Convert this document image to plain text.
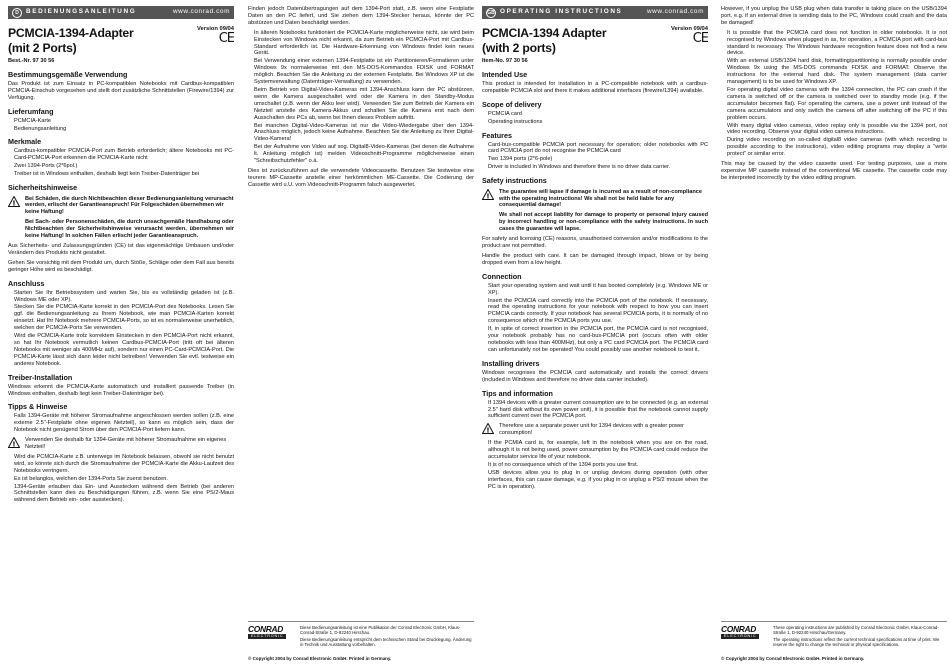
D	BEDIENUNGSANLEITUNG	www.conrad.com
PCMCIA-1394-Adapter
(mit 2 Ports)
Version 09/04
CE
Best.-Nr. 97 30 56
Bestimmungsgemäße Verwendung

Das Produkt ist zum Einsatz in PC-kompatiblen Notebooks mit Cardbus-kompatiblen PCMCIA-Einschub vorgesehen und stellt dort zusätzliche Schnittstellen (Firewire/1394) zur Verfügung.

Lieferumfang
• PCMCIA-Karte
• Bedienungsanleitung
Merkmale
• Cardbus-kompatibler PCMCIA-Port zum Betrieb erforderlich; ältere Notebooks mit PC-Card-PCMCIA-Port erkennen die PCMCIA-Karte nicht
• Zwei 1394-Ports (2*6pol.)
• Treiber ist in Windows enthalten, deshalb liegt kein Treiber-Datenträger bei
Sicherheitshinweise
!
Bei Schäden, die durch Nichtbeachten dieser Bedienungsanleitung verursacht werden, erlischt der Garantieanspruch! Für Folgeschäden übernehmen wir keine Haftung!

Bei Sach- oder Personenschäden, die durch unsachgemäße Handhabung oder Nichtbeachten der Sicherheitshinweise verursacht werden, übernehmen wir keine Haftung! In solchen Fällen erlischt jeder Garantieanspruch.

Aus Sicherheits- und Zulassungsgründen (CE) ist das eigenmächtige Umbauen und/oder Verändern des Produkts nicht gestattet.

Gehen Sie vorsichtig mit dem Produkt um, durch Stöße, Schläge oder dem Fall aus bereits geringer Höhe wird es beschädigt.

Anschluss
• Starten Sie Ihr Betriebssystem und warten Sie, bis es vollständig geladen ist (z.B. Windows ME oder XP).
• Stecken Sie die PCMCIA-Karte korrekt in den PCMCIA-Port des Notebooks. Lesen Sie ggf. die Bedienungsanleitung zu Ihrem Notebook, wie man PCMCIA-Karten korrekt einsetzt. Hat Ihr Notebook mehrere PCMCIA-Ports, so ist es normalerweise unerheblich, welchen der PCMCIA-Ports Sie verwenden.
• Wird die PCMCIA-Karte trotz korrektem Einstecken in den PCMCIA-Port nicht erkannt, so hat Ihr Notebook vermutlich keinen Cardbus-PCMCIA-Port (tritt oft bei älteren Notebooks mit weniger als 400MHz auf), sondern nur einen PC-Card-PCMCIA-Port. Die PCMCIA-Karte lässt sich dann leider nicht betreiben! Verwenden Sie evtl. testweise ein anderes Notebook.
Treiber-Installation

Windows erkennt die PCMCIA-Karte automatisch und installiert passende Treiber (in Windows enthalten, deshalb liegt kein Treiber-Datenträger bei).

Tipps & Hinweise
• Falls 1394-Geräte mit höherer Stromaufnahme angeschlossen werden sollen (z.B. eine externe 2.5"-Festplatte ohne eigenes Netzteil), so kann es möglich sein, dass der Notebook nicht genügend Strom über den PCMCIA-Port liefern kann.
!
Verwenden Sie deshalb für 1394-Geräte mit höherer Stromaufnahme ein eigenes Netzteil!
• Wird die PCMCIA-Karte z.B. unterwegs im Notebook belassen, obwohl sie nicht benutzt wird, so könnte sich durch die Stromaufnahme der PCMCIA-Karte die Akku-Laufzeit des Notebooks verringern.
• Es ist belanglos, welchen der 1394-Ports Sie zuerst benutzen.
• 1394-Geräte erlauben das Ein- und Ausstecken während dem Betrieb (bei anderen Schnittstellen kann dies zu Beschädigungen führen, z.B. wenn Sie eine PS/2-Maus während dem Betrieb ein- oder ausstecken).

Finden jedoch Datenübertragungen auf dem 1394-Port statt, z.B. wenn eine Festplatte Daten an den PC liefert, und Sie ziehen dem 1394-Stecker heraus, könnte der PC abstürzen und Daten beschädigt werden.

• In älteren Notebooks funktioniert die PCMCIA-Karte möglicherweise nicht, sie wird beim Einstecken von Windows nicht erkannt, da zum Betrieb ein PCMCIA-Port mit Cardbus-Standard erforderlich ist. Die Hardware-Erkennung von Windows findet kein neues Gerät.
• Bei Verwendung einer externen 1394-Festplatte ist ein Partitionieren/Formatieren unter Windows 9x normalerweise mit den MS-DOS-Kommandos FDISK und FORMAT möglich. Beachten Sie die Anleitung zu der externen Festplatte. Bei Windows XP ist die Systemverwaltung (Datenträger-Verwaltung) zu verwenden.
• Beim Betrieb von Digital-Video-Kameras mit 1394-Anschluss kann der PC abstürzen, wenn die Kamera ausgeschaltet wird oder die Kamera in den Standby-Modus umschaltet (z.B. wenn der Akku leer wird). Verwenden Sie zum Betrieb der Kamera ein Netzteil anstelle des Kamera-Akkus und schalten Sie die Kamera erst nach dem Ausschalten des PCs ab, wenn bei Ihnen dieses Problem auftritt.
• Bei manchen Digital-Video-Kameras ist nur die Video-Wiedergabe über den 1394-Anschluss möglich, jedoch keine Aufnahme. Beachten Sie die Anleitung zu Ihrer Digital-Video-Kamera!
• Bei der Aufnahme von Video auf sog. Digital8-Video-Kameras (bei denen die Aufnahme lt. Anleitung möglich ist) melden Videoschnitt-Programme möglicherweise einen "Schreibschutzfehler" o.ä.

Dies ist zurückzuführen auf die verwendete Videocassette. Benutzen Sie testweise eine teurere MP-Cassette anstelle einer herkömmlichen ME-Cassette. Die Codierung der Cassette wird u.U. vom Videoschnitt-Programm falsch ausgewertet.

CONRAD
ELECTRONIC
Diese Bedienungsanleitung ist eine Publikation der Conrad Electronic GmbH, Klaus-Conrad-Straße 1, D-92240 Hirschau.
Diese Bedienungsanleitung entspricht dem technischen Stand bei Drucklegung. Änderung in Technik und Ausstattung vorbehalten.
© Copyright 2004 by Conrad Electronic GmbH. Printed in Germany.
GB OPERATING INSTRUCTIONS	www.conrad.com
PCMCIA-1394 Adapter
(with 2 ports)
Version 09/04
CE
Item-No. 97 30 56
Intended Use

This product is intended for installation in a PC-compatible notebook with a cardbus-compatible PCMCIA slot and there it makes additional interfaces (firewire/1394) available.

Scope of delivery
• PCMCIA card
• Operating instructions
Features
• Card-bus-compatible PCMCIA port necessary for operation; older notebooks with PC card PCMCIA port do not recognise the PCMCIA card
• Two 1394 ports (2*6-pole)
• Driver is included in Windows and therefore there is no driver data carrier.
Safety instructions
!
The guarantee will lapse if damage is incurred as a result of non-compliance with the operating instructions! We shall not be held liable for any consequential damage!

We shall not accept liability for damage to property or personal injury caused by incorrect handling or non-compliance with the safety instructions. In such cases the guarantee will lapse.

For safety and licensing (CE) reasons, unauthorised conversion and/or modifications to the product are not permitted.

Handle the product with care. It can be damaged through impact, blows or by being dropped even from a low height.

Connection
• Start your operating system and wait until it has booted completely (e.g. Windows ME or XP).
• Insert the PCMCIA card correctly into the PCMCIA port of the notebook. If necessary, read the operating instructions for your notebook with respect to how you can insert PCMCIA cards correctly. If your notebook has several PCMCIA ports, it is normally of no consequence which of the PCMCIA ports you use.
• If, in spite of correct insertion in the PCMCIA port, the PCMCIA card is not recognised, your notebook probably has no card-bus-PCMCIA port (occurs often with older notebooks with less than 400MHz), but only a PC card PCMCIA port. The PCMCIA card can unfortunately not be operated! You could possibly use another notebook to test it.
Installing drivers

Windows recognises the PCMCIA card automatically and installs the correct drivers (included in Windows and therefore no driver data carrier included).

Tips and information
• If 1394 devices with a greater current consumption are to be connected (e.g. an external 2.5" hard disk without its own power unit), it is possible that the notebook cannot supply sufficient current over the PCMCIA port.
!
Therefore use a separate power unit for 1394 devices with a greater power consumption!
• If the PCMIA card is, for example, left in the notebook when you are on the road, although it is not being used, power consumption by the PCMCIA card could reduce the accumulator service life of your notebook.
• It is of no consequence which of the 1394 ports you use first.
• USB devices allow you to plug in or unplug devices during operation (with other interfaces, this can cause damage, e.g. if you plug in or unplug a PS/2 mouse when the PC is in operation).

However, if you unplug the USB plug when data transfer is taking place on the USB/1394 port, e.g. if an external drive is sending data to the PC, Windows could crash and the data be damaged!

• It is possible that the PCMCIA card does not function in older notebooks. It is not recognised by Windows when plugged in as, for operation, a PCMCIA port with card-bus standard is necessary. The Windows hardware recognition feature does not find a new device.
• With an external USB/1394 hard disk, formatting/partitioning is normally possible under Windows 9x using the MS-DOS commands FDISK and FORMAT. Observe the instructions for the external hard disk. The system management (data carrier management) is to be used for Windows XP.
• For operating digital video cameras with the 1394 connection, the PC can crash if the camera is switched off or the camera is switched over to standby mode (e.g. if the accumulator becomes flat). For operating the camera, use a power unit instead of the camera accumulators and only switch the camera off after switching off the PC if this problem occurs.
• With many digital video cameras, video replay only is possible via the 1394 port, not video recording. Observe your digital video camera instructions.
• During video recording on so-called digital8 video cameras (with which recording is possible according to the instructions), video editing programs may display a "write protect" or similar error.

This may be caused by the video cassette used. For testing purposes, use a more expensive MP cassette instead of the conventional ME cassette. The cassette code may be interpreted incorrectly by the video editing program.

CONRAD
ELECTRONIC
These operating instructions are published by Conrad Electronic GmbH, Klaus-Conrad-Straße 1, D-92240 Hirschau/Germany.
The operating instructions reflect the current technical specifications at time of print. We reserve the right to change the technical or physical specifications.
© Copyright 2004 by Conrad Electronic GmbH. Printed in Germany.
